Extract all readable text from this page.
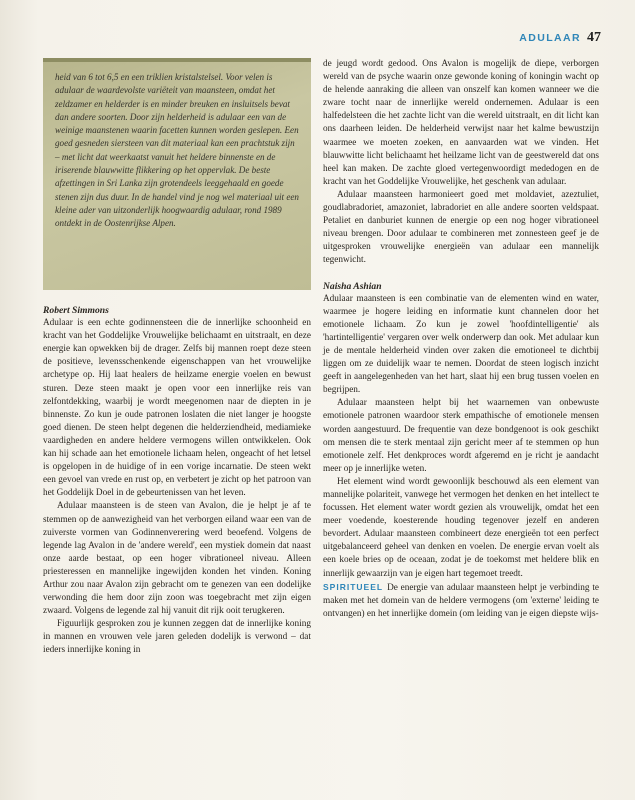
ADULAAR 47

heid van 6 tot 6,5 en een triklien kristalstelsel. Voor velen is adulaar de waardevolste variëteit van maansteen, omdat het zeldzamer en helderder is en minder breuken en insluitsels bevat dan andere soorten. Door zijn helderheid is adulaar een van de weinige maanstenen waarin facetten kunnen worden geslepen. Een goed gesneden siersteen van dit materiaal kan een prachtstuk zijn – met licht dat weerkaatst vanuit het heldere binnenste en de iriserende blauwwitte flikkering op het oppervlak. De beste afzettingen in Sri Lanka zijn grotendeels leeggehaald en goede stenen zijn dus duur. In de handel vind je nog wel materiaal uit een kleine ader van uitzonderlijk hoogwaardig adulaar, rond 1989 ontdekt in de Oostenrijkse Alpen.

Robert Simmons

Adulaar is een echte godinnensteen die de innerlijke schoonheid en kracht van het Goddelijke Vrouwelijke belichaamt en uitstraalt, en deze energie kan opwekken bij de drager. Zelfs bij mannen roept deze steen de positieve, levensschenkende eigenschappen van het vrouwelijke archetype op. Hij laat healers de heilzame energie voelen en bewust sturen. Deze steen maakt je open voor een innerlijke reis van zelfontdekking, waarbij je wordt meegenomen naar de diepten in je binnenste. Zo kun je oude patronen loslaten die niet langer je hoogste goed dienen. De steen helpt degenen die helderziendheid, mediamieke vaardigheden en andere heldere vermogens willen ontwikkelen. Ook kan hij schade aan het emotionele lichaam helen, ongeacht of het letsel is opgelopen in de huidige of in een vorige incarnatie. De steen wekt een gevoel van vrede en rust op, en verbetert je zicht op het patroon van het Goddelijk Doel in de gebeurtenissen van het leven.

Adulaar maansteen is de steen van Avalon, die je helpt je af te stemmen op de aanwezigheid van het verborgen eiland waar een van de zuiverste vormen van Godinnenverering werd beoefend. Volgens de legende lag Avalon in de 'andere wereld', een mystiek domein dat naast onze aarde bestaat, op een hoger vibrationeel niveau. Alleen priesteressen en mannelijke ingewijden konden het vinden. Koning Arthur zou naar Avalon zijn gebracht om te genezen van een dodelijke verwonding die hem door zijn zoon was toegebracht met zijn eigen zwaard. Volgens de legende zal hij vanuit dit rijk ooit terugkeren.

Figuurlijk gesproken zou je kunnen zeggen dat de innerlijke koning in mannen en vrouwen vele jaren geleden dodelijk is verwond – dat ieders innerlijke koning in

de jeugd wordt gedood. Ons Avalon is mogelijk de diepe, verborgen wereld van de psyche waarin onze gewonde koning of koningin wacht op de helende aanraking die alleen van onszelf kan komen wanneer we die zware tocht naar de innerlijke wereld ondernemen. Adulaar is een halfedelsteen die het zachte licht van die wereld uitstraalt, en dit licht kan ons daarheen leiden. De helderheid verwijst naar het kalme bewustzijn waarmee we moeten zoeken, en aanvaarden wat we vinden. Het blauwwitte licht belichaamt het heilzame licht van de geestwereld dat ons heel kan maken. De zachte gloed vertegenwoordigt mededogen en de kracht van het Goddelijke Vrouwelijke, het geschenk van adulaar.

Adulaar maansteen harmonieert goed met moldaviet, azeztuliet, goudlabradoriet, amazoniet, labradoriet en alle andere soorten veldspaat. Petaliet en danburiet kunnen de energie op een nog hoger vibrationeel niveau brengen. Door adulaar te combineren met zonnesteen geef je de uitgesproken vrouwelijke energieën van adulaar een mannelijk tegenwicht.

Naisha Ashian

Adulaar maansteen is een combinatie van de elementen wind en water, waarmee je hogere leiding en informatie kunt channelen door het emotionele lichaam. Zo kun je zowel 'hoofdintelligentie' als 'hartintelligentie' vergaren over welk onderwerp dan ook. Met adulaar kun je de mentale helderheid vinden over zaken die emotioneel te dichtbij liggen om ze duidelijk waar te nemen. Doordat de steen logisch inzicht geeft in aangelegenheden van het hart, slaat hij een brug tussen voelen en begrijpen.

Adulaar maansteen helpt bij het waarnemen van onbewuste emotionele patronen waardoor sterk empathische of emotionele mensen worden aangestuurd. De frequentie van deze bondgenoot is ook geschikt om mensen die te sterk mentaal zijn gericht meer af te stemmen op hun emotionele zelf. Het denkproces wordt afgeremd en je richt je aandacht meer op je innerlijke weten.

Het element wind wordt gewoonlijk beschouwd als een element van mannelijke polariteit, vanwege het vermogen het denken en het intellect te focussen. Het element water wordt gezien als vrouwelijk, omdat het een meer voedende, koesterende houding tegenover jezelf en anderen bevordert. Adulaar maansteen combineert deze energieën tot een perfect uitgebalanceerd geheel van denken en voelen. De energie ervan voelt als een koele bries op de oceaan, zodat je de toekomst met heldere blik en innerlijk gewaarzijn van je eigen hart tegemoet treedt.

SPIRITUEEL De energie van adulaar maansteen helpt je verbinding te maken met het domein van de heldere vermogens (om 'externe' leiding te ontvangen) en het innerlijke domein (om leiding van je eigen diepste wijs-
